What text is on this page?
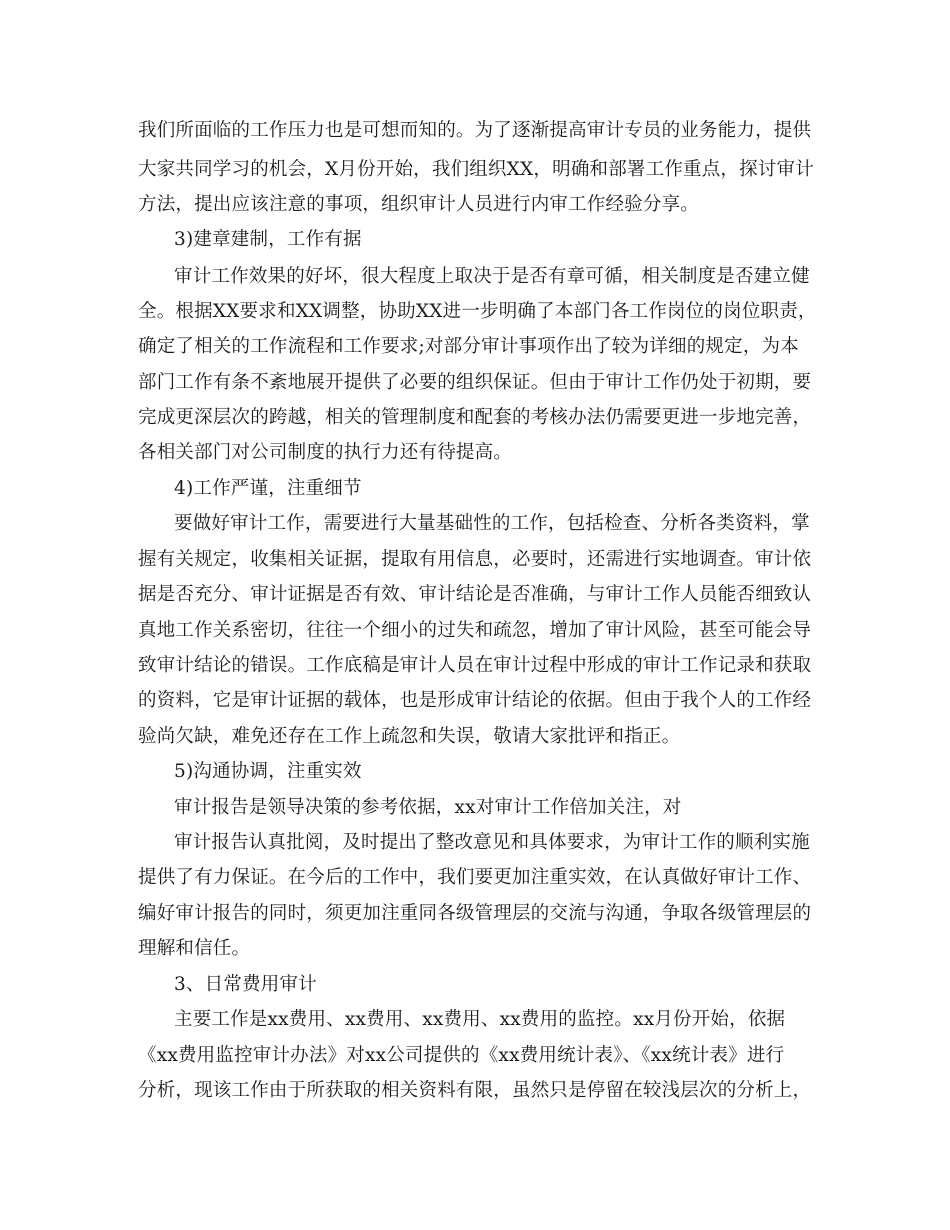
我们所面临的工作压力也是可想而知的。为了逐渐提高审计专员的业务能力，提供
大家共同学习的机会，X月份开始，我们组织XX，明确和部署工作重点，探讨审计
方法，提出应该注意的事项，组织审计人员进行内审工作经验分享。
3)建章建制，工作有据
审计工作效果的好坏，很大程度上取决于是否有章可循，相关制度是否建立健
全。根据XX要求和XX调整，协助XX进一步明确了本部门各工作岗位的岗位职责，
确定了相关的工作流程和工作要求;对部分审计事项作出了较为详细的规定，为本
部门工作有条不紊地展开提供了必要的组织保证。但由于审计工作仍处于初期，要
完成更深层次的跨越，相关的管理制度和配套的考核办法仍需要更进一步地完善，
各相关部门对公司制度的执行力还有待提高。
4)工作严谨，注重细节
要做好审计工作，需要进行大量基础性的工作，包括检查、分析各类资料，掌
握有关规定，收集相关证据，提取有用信息，必要时，还需进行实地调查。审计依
据是否充分、审计证据是否有效、审计结论是否准确，与审计工作人员能否细致认
真地工作关系密切，往往一个细小的过失和疏忽，增加了审计风险，甚至可能会导
致审计结论的错误。工作底稿是审计人员在审计过程中形成的审计工作记录和获取
的资料，它是审计证据的载体，也是形成审计结论的依据。但由于我个人的工作经
验尚欠缺，难免还存在工作上疏忽和失误，敬请大家批评和指正。
5)沟通协调，注重实效
审计报告是领导决策的参考依据，xx对审计工作倍加关注，对
审计报告认真批阅，及时提出了整改意见和具体要求，为审计工作的顺利实施
提供了有力保证。在今后的工作中，我们要更加注重实效，在认真做好审计工作、
编好审计报告的同时，须更加注重同各级管理层的交流与沟通，争取各级管理层的
理解和信任。
3、日常费用审计
主要工作是xx费用、xx费用、xx费用、xx费用的监控。xx月份开始，依据
《xx费用监控审计办法》对xx公司提供的《xx费用统计表》、《xx统计表》进行
分析，现该工作由于所获取的相关资料有限，虽然只是停留在较浅层次的分析上，
